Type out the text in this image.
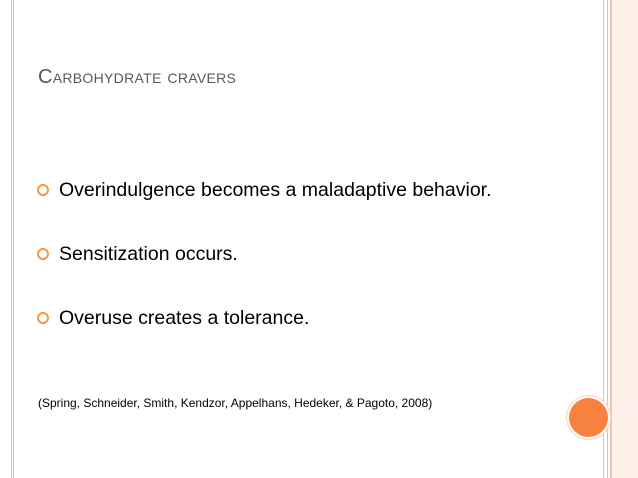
Carbohydrate cravers
Overindulgence becomes a maladaptive behavior.
Sensitization occurs.
Overuse creates a tolerance.
(Spring, Schneider, Smith, Kendzor, Appelhans, Hedeker, & Pagoto, 2008)
